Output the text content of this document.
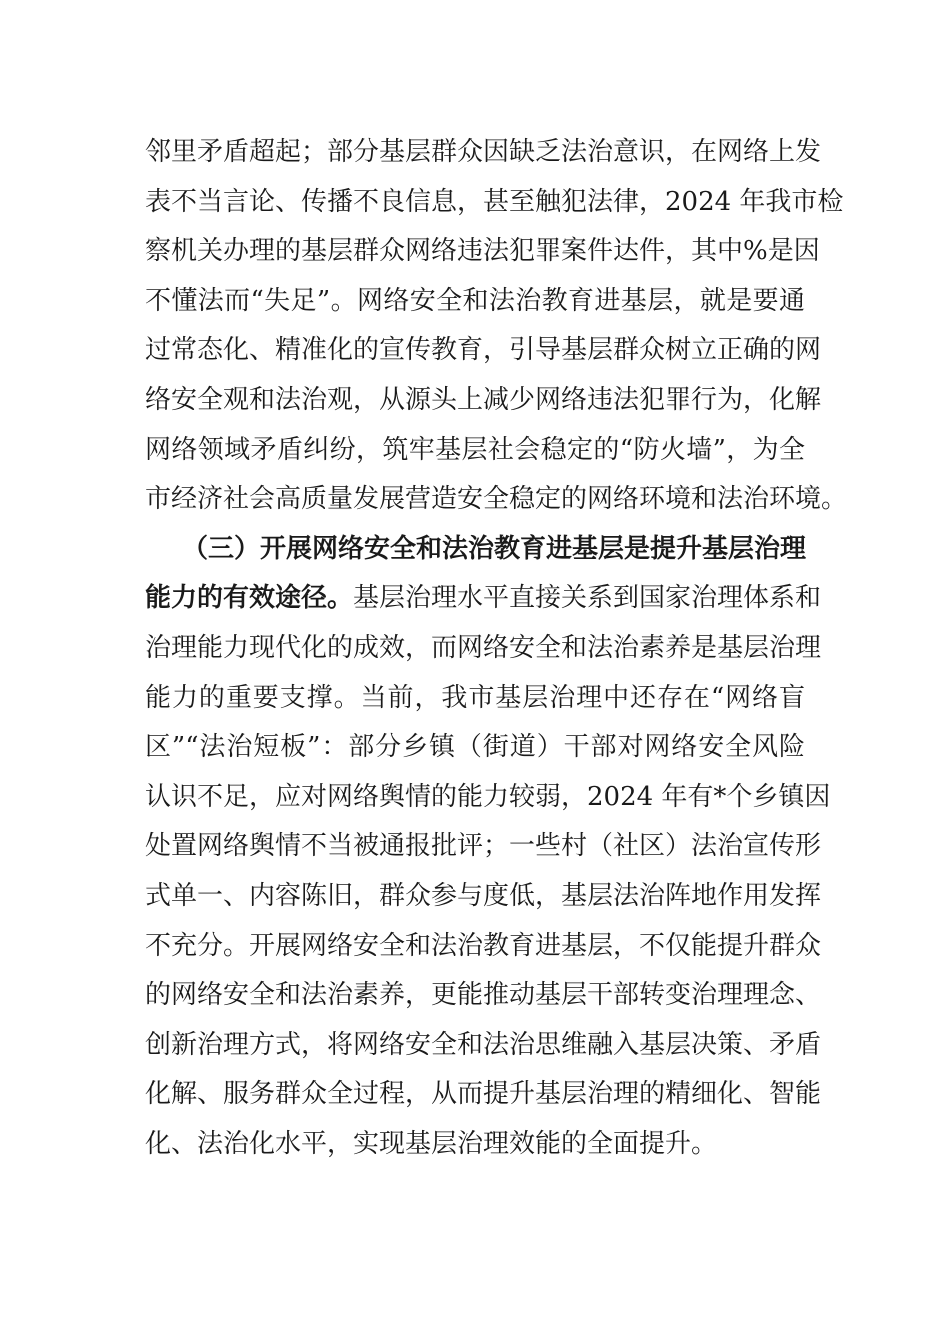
邻里矛盾超起；部分基层群众因缺乏法治意识，在网络上发
表不当言论、传播不良信息，甚至触犯法律，2024 年我市检
察机关办理的基层群众网络违法犯罪案件达件，其中%是因
不懂法而“失足”。网络安全和法治教育进基层，就是要通
过常态化、精准化的宣传教育，引导基层群众树立正确的网
络安全观和法治观，从源头上减少网络违法犯罪行为，化解
网络领域矛盾纠纷，筑牢基层社会稳定的“防火墙”，为全
市经济社会高质量发展营造安全稳定的网络环境和法治环境。
（三）开展网络安全和法治教育进基层是提升基层治理
能力的有效途径。基层治理水平直接关系到国家治理体系和
治理能力现代化的成效，而网络安全和法治素养是基层治理
能力的重要支撑。当前，我市基层治理中还存在“网络盲
区”“法治短板”：部分乡镇（街道）干部对网络安全风险
认识不足，应对网络舆情的能力较弱，2024 年有*个乡镇因
处置网络舆情不当被通报批评；一些村（社区）法治宣传形
式单一、内容陈旧，群众参与度低，基层法治阵地作用发挥
不充分。开展网络安全和法治教育进基层，不仅能提升群众
的网络安全和法治素养，更能推动基层干部转变治理理念、
创新治理方式，将网络安全和法治思维融入基层决策、矛盾
化解、服务群众全过程，从而提升基层治理的精细化、智能
化、法治化水平，实现基层治理效能的全面提升。
